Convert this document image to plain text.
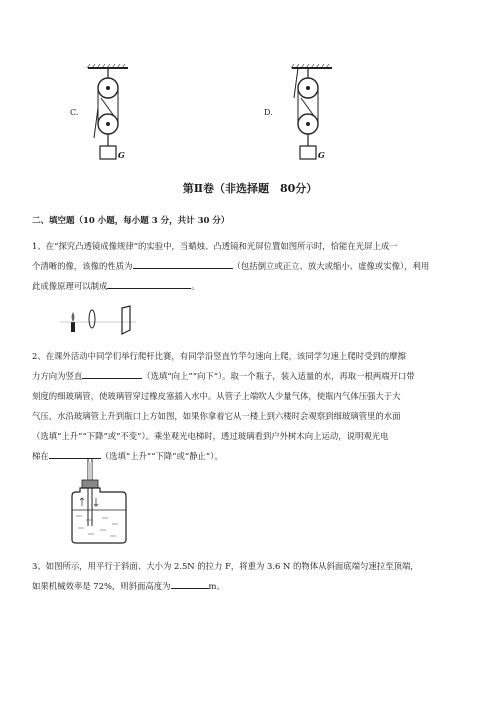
C.
G
D.
G
第Ⅱ卷（非选择题　80分）
二、填空题（10 小题，每小题 3 分，共计 30 分）
1、在“探究凸透镜成像规律”的实验中，当蜡烛、凸透镜和光屏位置如图所示时，恰能在光屏上成一
个清晰的像，该像的性质为	（包括倒立或正立、放大或缩小、虚像或实像），利用
此成像原理可以制成	。
2、在课外活动中同学们举行爬杆比赛，有同学沿竖直竹竿匀速向上爬，该同学匀速上爬时受到的摩擦
力方向为竖直	（选填“向上”“向下”）。取一个瓶子，装入适量的水，再取一根两端开口带
刻度的细玻璃管，使玻璃管穿过橡皮塞插入水中。从管子上端吹人少量气体，使瓶内气体压强大于大
气压，水沿玻璃管上升到瓶口上方如图，如果你拿着它从一楼上到六楼时会观察到细玻璃管里的水面
（选填“上升”“下降”或“不变”）。乘坐观光电梯时，透过玻璃看到户外树木向上运动，说明观光电
梯在	（选填“上升”“下降”或“静止”）。
3、如图所示，用平行于斜面、大小为 2.5N 的拉力 F，将重为 3.6 N 的物体从斜面底端匀速拉至顶端，
如果机械效率是 72%，则斜面高度为	m。
